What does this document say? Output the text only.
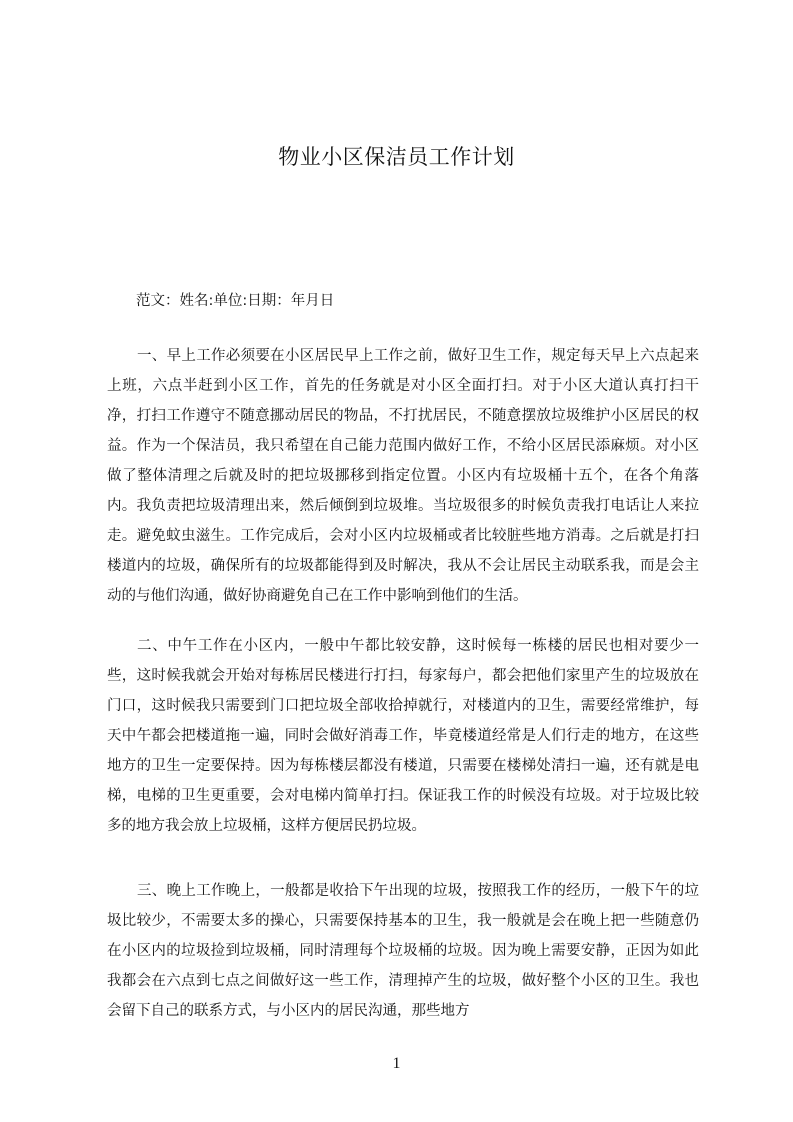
物业小区保洁员工作计划

范文：姓名:单位:日期：年月日

一、早上工作必须要在小区居民早上工作之前，做好卫生工作，规定每天早上六点起来上班，六点半赶到小区工作，首先的任务就是对小区全面打扫。对于小区大道认真打扫干净，打扫工作遵守不随意挪动居民的物品，不打扰居民，不随意摆放垃圾维护小区居民的权益。作为一个保洁员，我只希望在自己能力范围内做好工作，不给小区居民添麻烦。对小区做了整体清理之后就及时的把垃圾挪移到指定位置。小区内有垃圾桶十五个，在各个角落内。我负责把垃圾清理出来，然后倾倒到垃圾堆。当垃圾很多的时候负责我打电话让人来拉走。避免蚊虫滋生。工作完成后，会对小区内垃圾桶或者比较脏些地方消毒。之后就是打扫楼道内的垃圾，确保所有的垃圾都能得到及时解决，我从不会让居民主动联系我，而是会主动的与他们沟通，做好协商避免自己在工作中影响到他们的生活。

二、中午工作在小区内，一般中午都比较安静，这时候每一栋楼的居民也相对要少一些，这时候我就会开始对每栋居民楼进行打扫，每家每户，都会把他们家里产生的垃圾放在门口，这时候我只需要到门口把垃圾全部收拾掉就行，对楼道内的卫生，需要经常维护，每天中午都会把楼道拖一遍，同时会做好消毒工作，毕竟楼道经常是人们行走的地方，在这些地方的卫生一定要保持。因为每栋楼层都没有楼道，只需要在楼梯处清扫一遍，还有就是电梯，电梯的卫生更重要，会对电梯内简单打扫。保证我工作的时候没有垃圾。对于垃圾比较多的地方我会放上垃圾桶，这样方便居民扔垃圾。

三、晚上工作晚上，一般都是收拾下午出现的垃圾，按照我工作的经历，一般下午的垃圾比较少，不需要太多的操心，只需要保持基本的卫生，我一般就是会在晚上把一些随意仍在小区内的垃圾捡到垃圾桶，同时清理每个垃圾桶的垃圾。因为晚上需要安静，正因为如此我都会在六点到七点之间做好这一些工作，清理掉产生的垃圾，做好整个小区的卫生。我也会留下自己的联系方式，与小区内的居民沟通，那些地方

1
